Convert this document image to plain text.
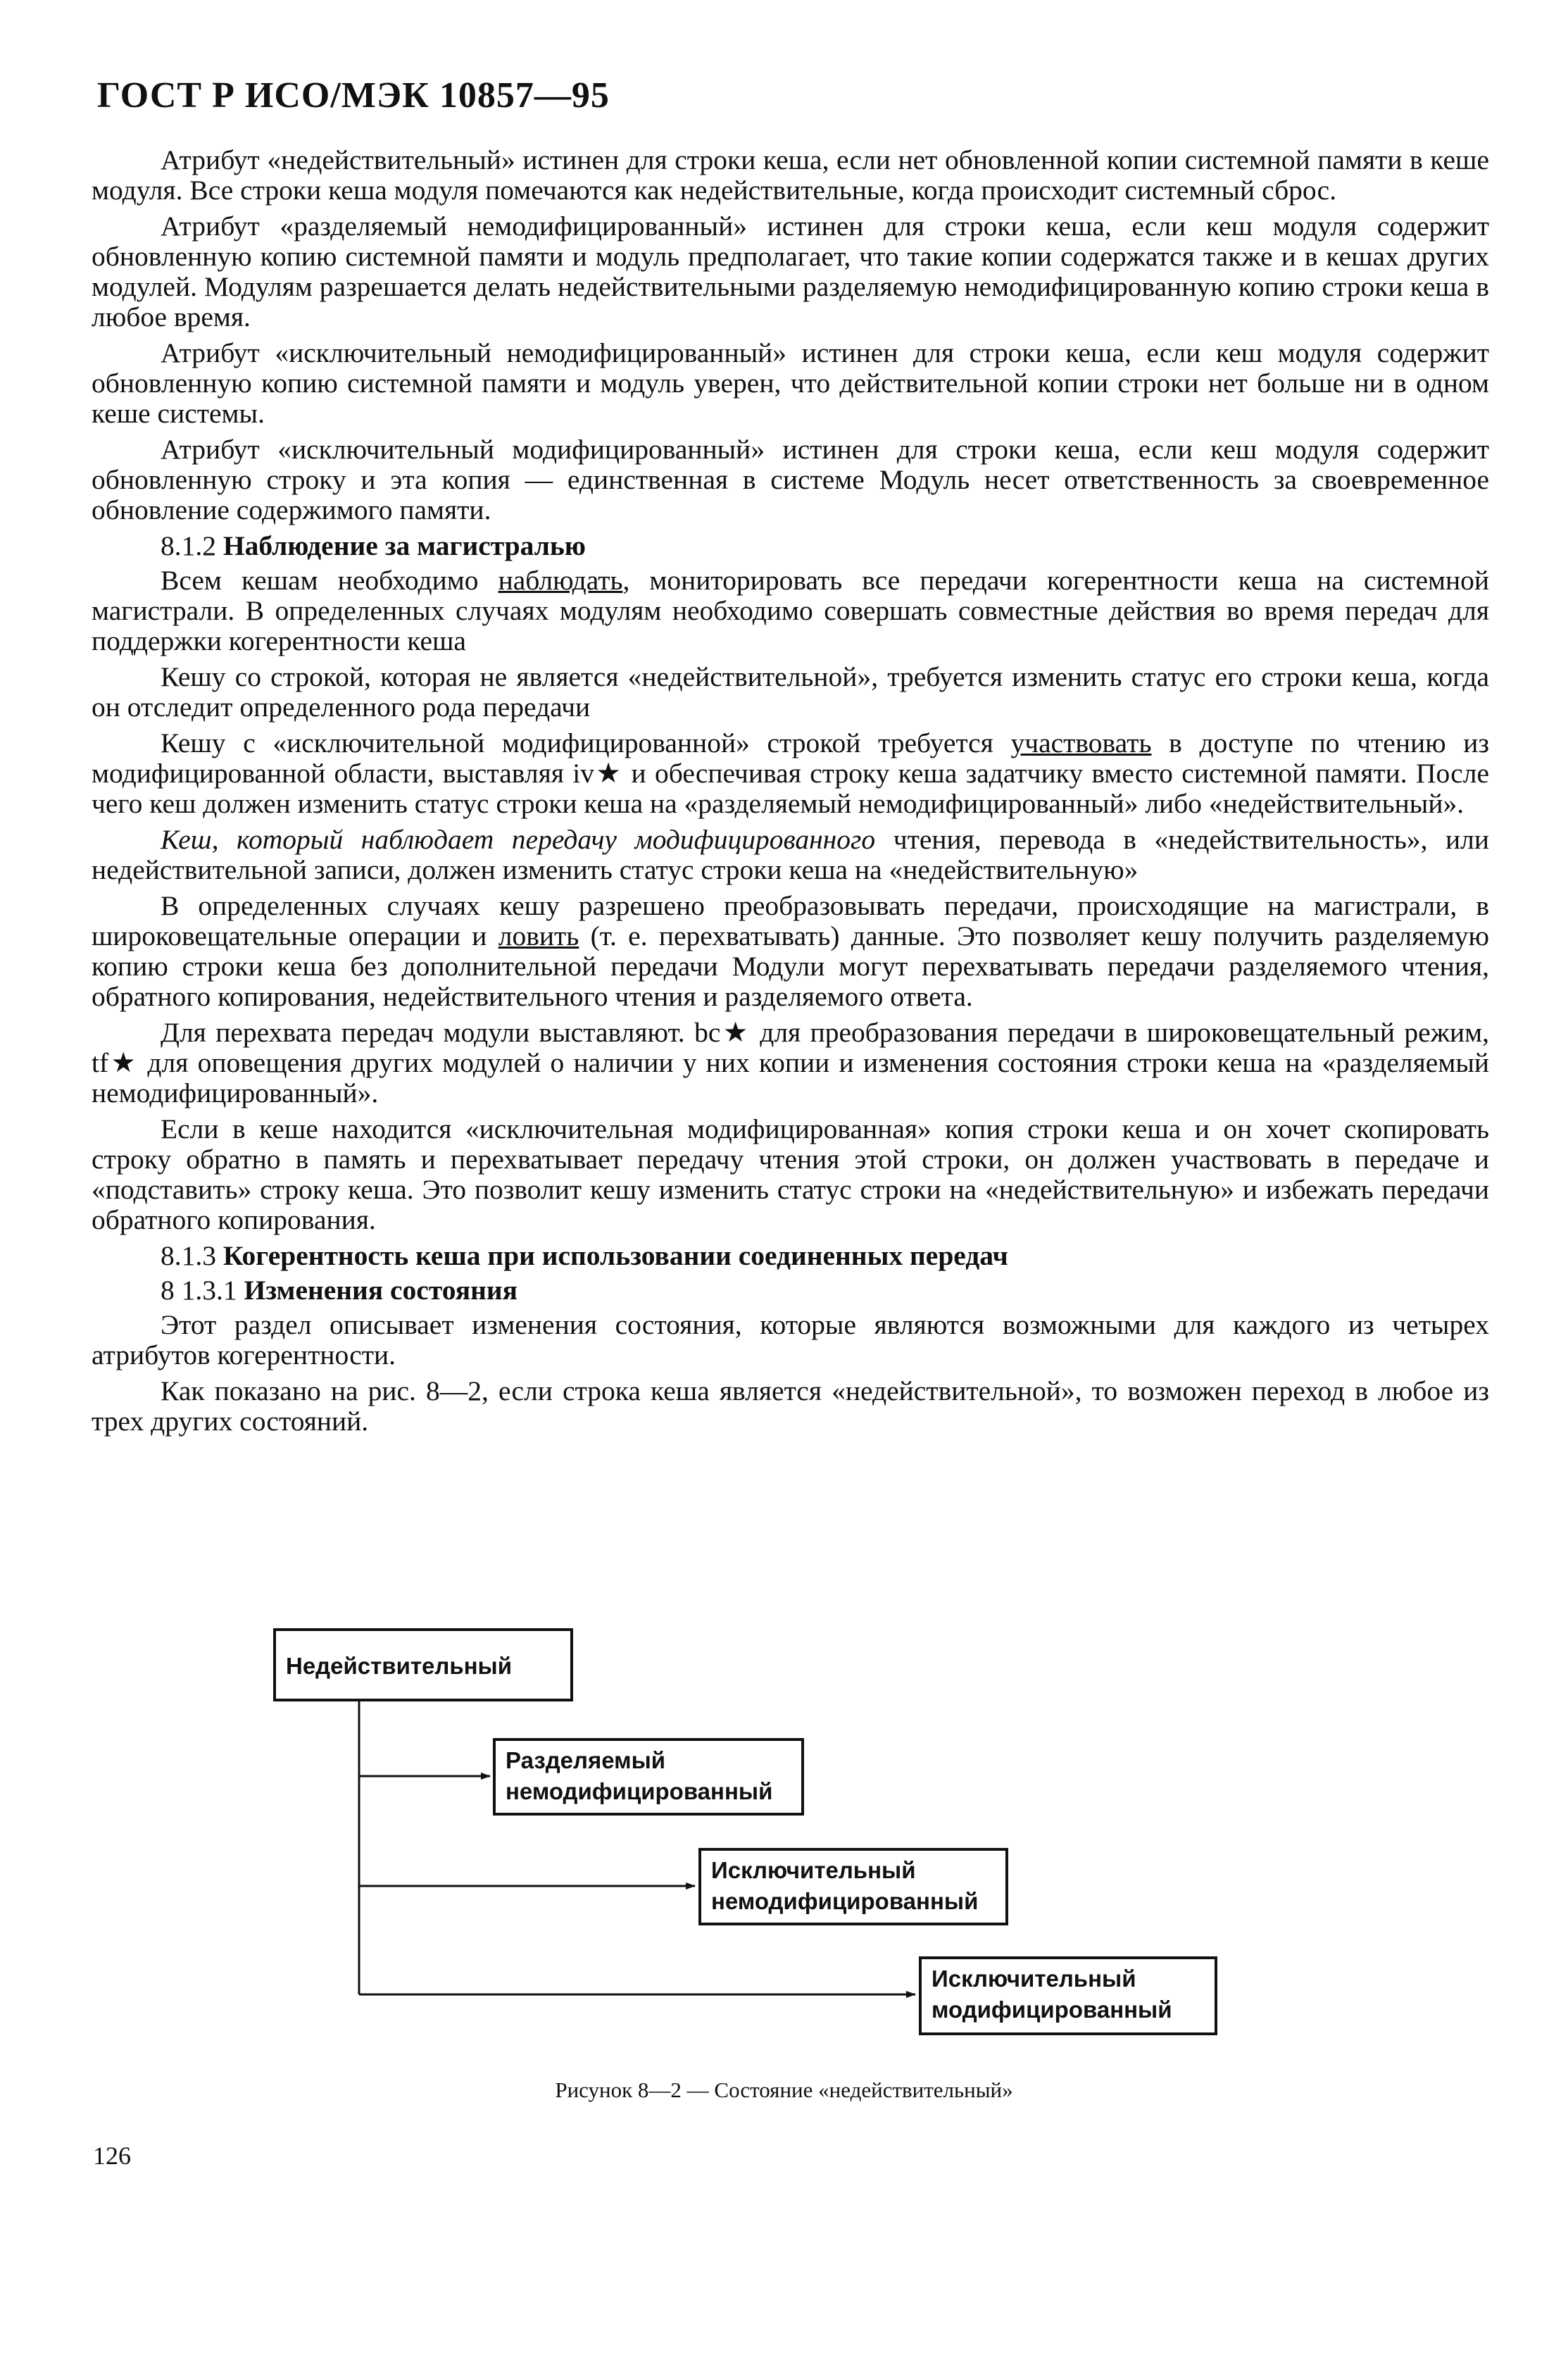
ГОСТ Р ИСО/МЭК 10857—95

Атрибут «недействительный» истинен для строки кеша, если нет обновленной копии системной памяти в кеше модуля. Все строки кеша модуля помечаются как недействительные, когда происходит системный сброс.

Атрибут «разделяемый немодифицированный» истинен для строки кеша, если кеш модуля содержит обновленную копию системной памяти и модуль предполагает, что такие копии содержатся также и в кешах других модулей. Модулям разрешается делать недействительными разделяемую немодифицированную копию строки кеша в любое время.

Атрибут «исключительный немодифицированный» истинен для строки кеша, если кеш модуля содержит обновленную копию системной памяти и модуль уверен, что действительной копии строки нет больше ни в одном кеше системы.

Атрибут «исключительный модифицированный» истинен для строки кеша, если кеш модуля содержит обновленную строку и эта копия — единственная в системе Модуль несет ответственность за своевременное обновление содержимого памяти.

8.1.2 Наблюдение за магистралью

Всем кешам необходимо наблюдать, мониторировать все передачи когерентности кеша на системной магистрали. В определенных случаях модулям необходимо совершать совместные действия во время передач для поддержки когерентности кеша

Кешу со строкой, которая не является «недействительной», требуется изменить статус его строки кеша, когда он отследит определенного рода передачи

Кешу с «исключительной модифицированной» строкой требуется участвовать в доступе по чтению из модифицированной области, выставляя iv★ и обеспечивая строку кеша задатчику вместо системной памяти. После чего кеш должен изменить статус строки кеша на «разделяемый немодифицированный» либо «недействительный».

Кеш, который наблюдает передачу модифицированного чтения, перевода в «недействительность», или недействительной записи, должен изменить статус строки кеша на «недействительную»

В определенных случаях кешу разрешено преобразовывать передачи, происходящие на магистрали, в широковещательные операции и ловить (т. е. перехватывать) данные. Это позволяет кешу получить разделяемую копию строки кеша без дополнительной передачи Модули могут перехватывать передачи разделяемого чтения, обратного копирования, недействительного чтения и разделяемого ответа.

Для перехвата передач модули выставляют. bc★ для преобразования передачи в широковещательный режим, tf★ для оповещения других модулей о наличии у них копии и изменения состояния строки кеша на «разделяемый немодифицированный».

Если в кеше находится «исключительная модифицированная» копия строки кеша и он хочет скопировать строку обратно в память и перехватывает передачу чтения этой строки, он должен участвовать в передаче и «подставить» строку кеша. Это позволит кешу изменить статус строки на «недействительную» и избежать передачи обратного копирования.

8.1.3 Когерентность кеша при использовании соединенных передач

8 1.3.1 Изменения состояния

Этот раздел описывает изменения состояния, которые являются возможными для каждого из четырех атрибутов когерентности.

Как показано на рис. 8—2, если строка кеша является «недействительной», то возможен переход в любое из трех других состояний.

Недействительный
Разделяемый
немодифицированный
Исключительный
немодифицированный
Исключительный
модифицированный
Рисунок 8—2 — Состояние «недействительный»
126
